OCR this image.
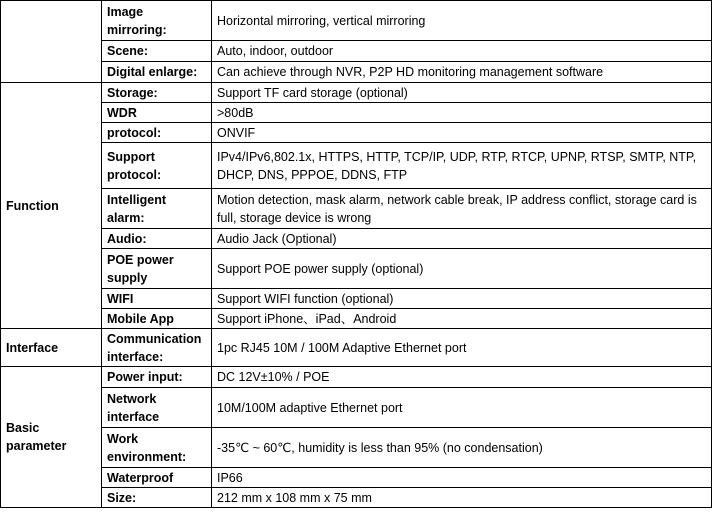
	Image mirroring:	Horizontal mirroring, vertical mirroring
	Scene:	Auto, indoor, outdoor
	Digital enlarge:	Can achieve through NVR, P2P HD monitoring management software
Function	Storage:	Support TF card storage (optional)
	WDR	>80dB
	protocol:	ONVIF
	Support protocol:	IPv4/IPv6,802.1x, HTTPS, HTTP, TCP/IP, UDP, RTP, RTCP, UPNP, RTSP, SMTP, NTP, DHCP, DNS, PPPOE, DDNS, FTP
	Intelligent alarm:	Motion detection, mask alarm, network cable break, IP address conflict, storage card is full, storage device is wrong
	Audio:	Audio Jack (Optional)
	POE power supply	Support POE power supply (optional)
	WIFI	Support WIFI function (optional)
	Mobile App	Support iPhone、iPad、Android
Interface	Communication interface:	1pc RJ45 10M / 100M Adaptive Ethernet port
Basic parameter	Power input:	DC 12V±10% / POE
	Network interface	10M/100M adaptive Ethernet port
	Work environment:	-35℃ ~ 60℃, humidity is less than 95% (no condensation)
	Waterproof	IP66
	Size:	212 mm x 108 mm x 75 mm
